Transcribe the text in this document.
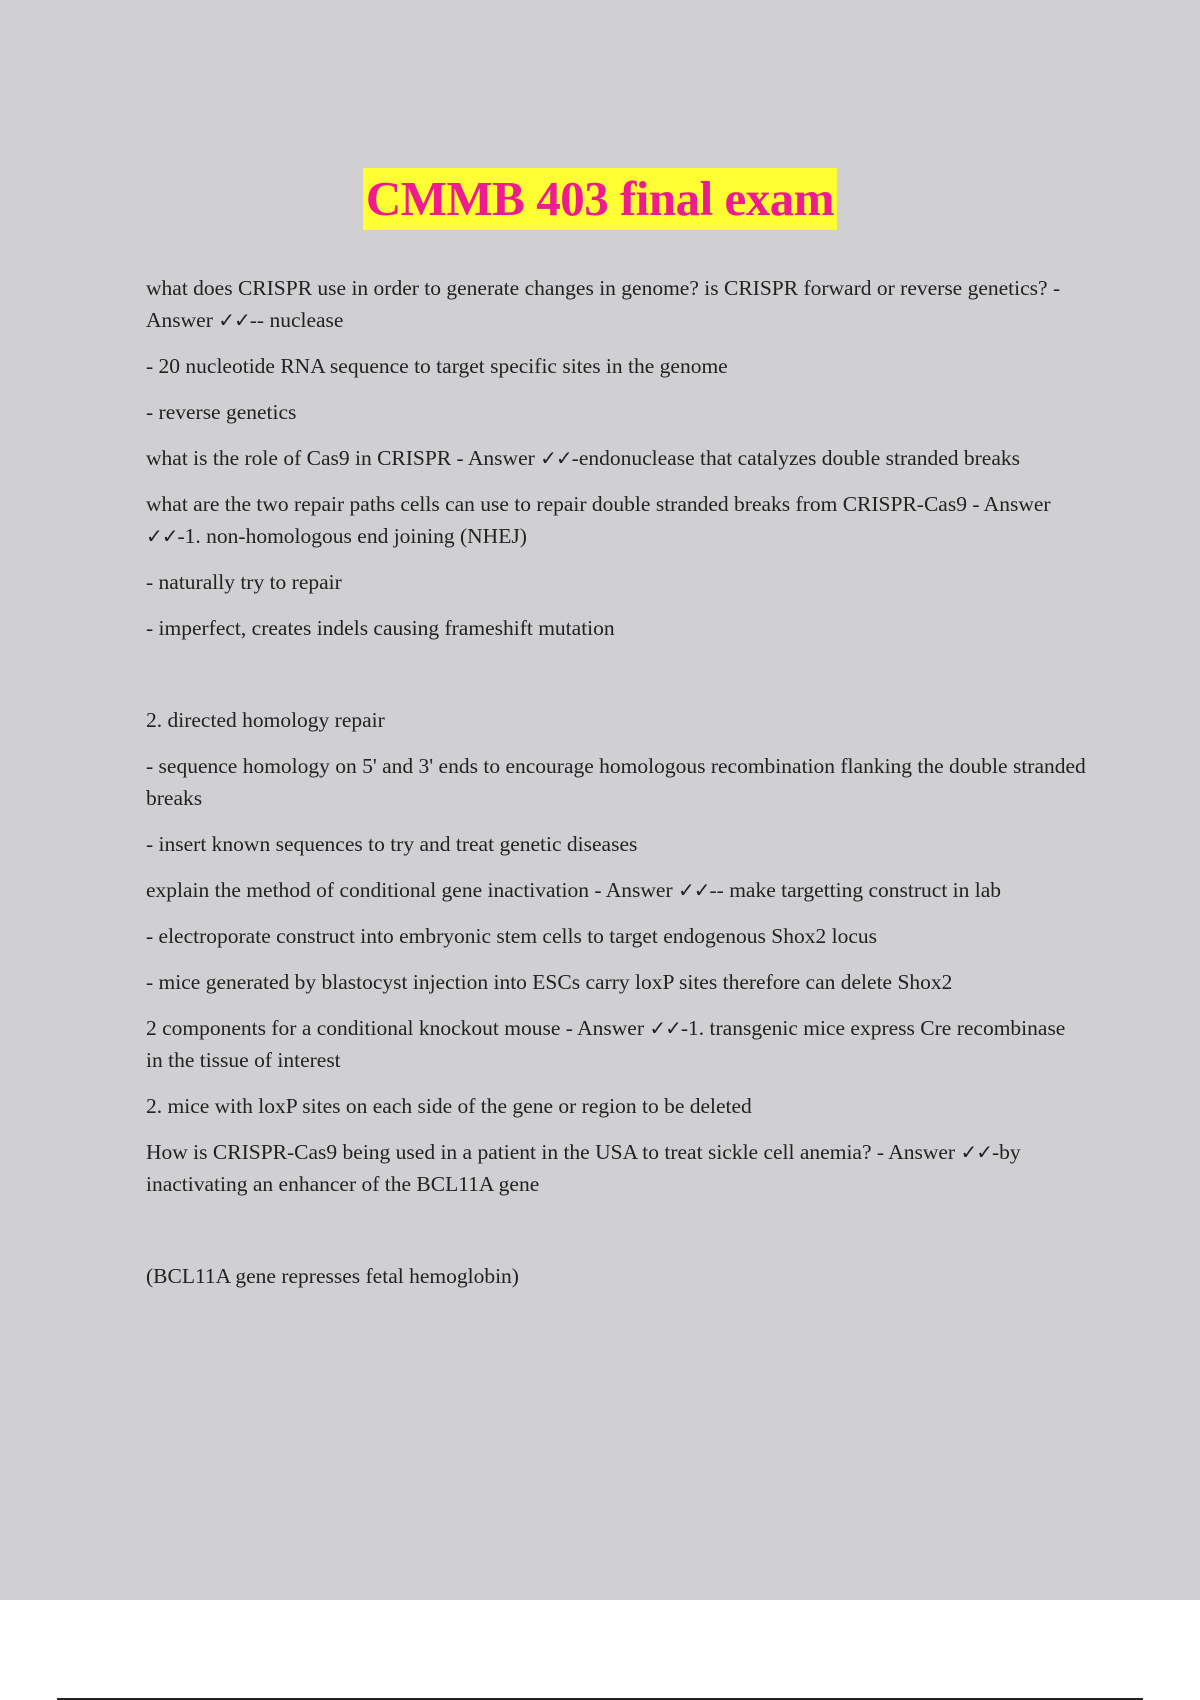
CMMB 403 final exam

what does CRISPR use in order to generate changes in genome? is CRISPR forward or reverse genetics? - Answer ✓✓-- nuclease

- 20 nucleotide RNA sequence to target specific sites in the genome

- reverse genetics

what is the role of Cas9 in CRISPR - Answer ✓✓-endonuclease that catalyzes double stranded breaks

what are the two repair paths cells can use to repair double stranded breaks from CRISPR-Cas9 - Answer ✓✓-1. non-homologous end joining (NHEJ)

- naturally try to repair

- imperfect, creates indels causing frameshift mutation

2. directed homology repair

- sequence homology on 5' and 3' ends to encourage homologous recombination flanking the double stranded breaks

- insert known sequences to try and treat genetic diseases

explain the method of conditional gene inactivation - Answer ✓✓-- make targetting construct in lab

- electroporate construct into embryonic stem cells to target endogenous Shox2 locus

- mice generated by blastocyst injection into ESCs carry loxP sites therefore can delete Shox2

2 components for a conditional knockout mouse - Answer ✓✓-1. transgenic mice express Cre recombinase in the tissue of interest

2. mice with loxP sites on each side of the gene or region to be deleted

How is CRISPR-Cas9 being used in a patient in the USA to treat sickle cell anemia? - Answer ✓✓-by inactivating an enhancer of the BCL11A gene

(BCL11A gene represses fetal hemoglobin)
